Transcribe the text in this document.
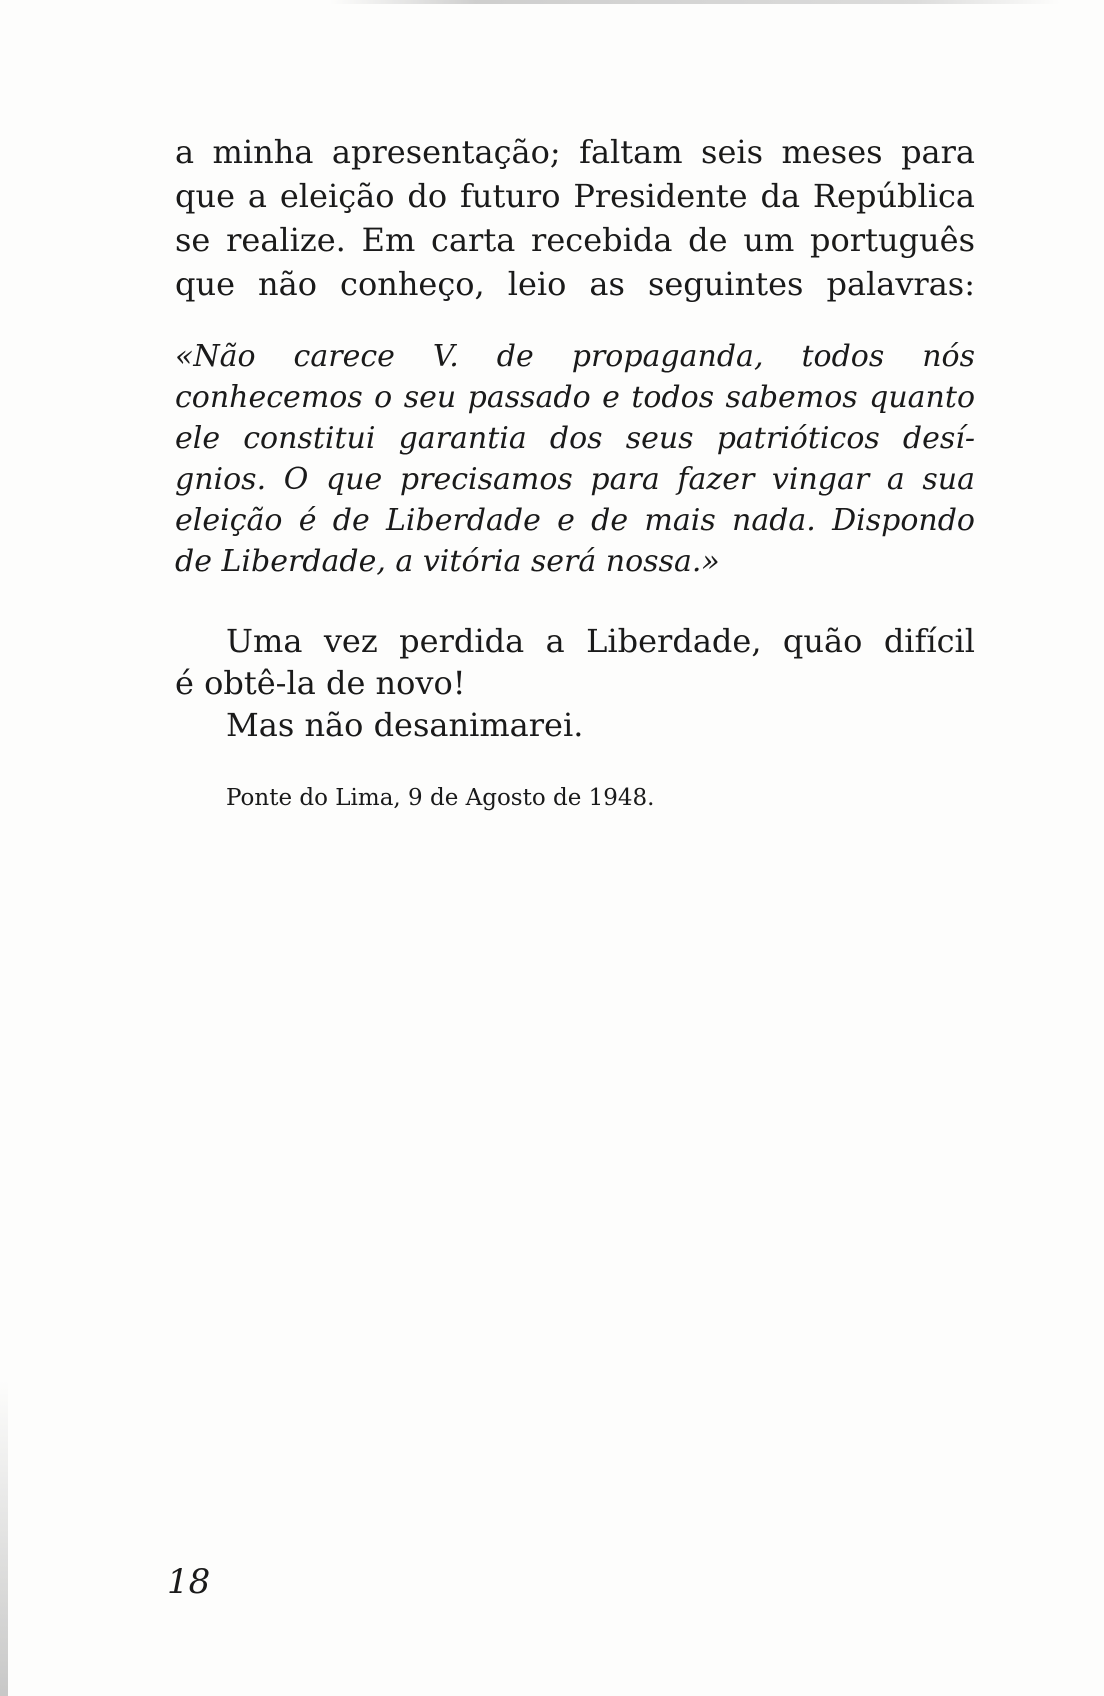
a minha apresentação; faltam seis meses para
que a eleição do futuro Presidente da República
se realize. Em carta recebida de um português
que não conheço, leio as seguintes palavras:

«Não carece V. de propaganda, todos nós
conhecemos o seu passado e todos sabemos quanto
ele constitui garantia dos seus patrióticos desí-
gnios. O que precisamos para fazer vingar a sua
eleição é de Liberdade e de mais nada. Dispondo
de Liberdade, a vitória será nossa.»

Uma vez perdida a Liberdade, quão difícil
é obtê-la de novo!
Mas não desanimarei.

Ponte do Lima, 9 de Agosto de 1948.

18
